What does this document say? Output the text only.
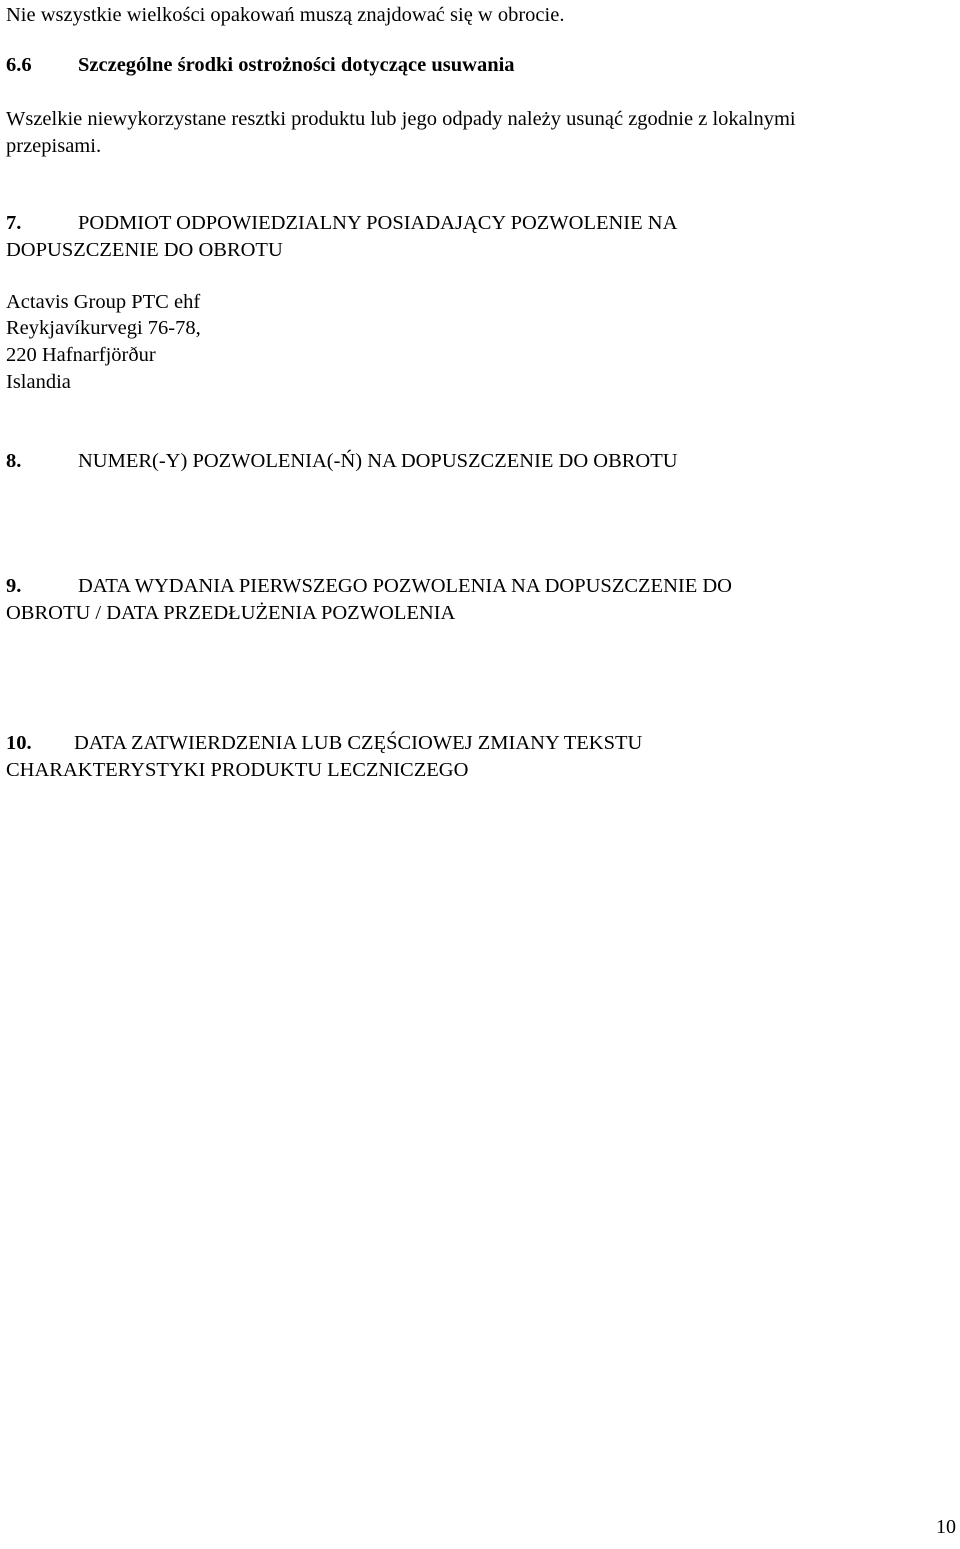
Nie wszystkie wielkości opakowań muszą znajdować się w obrocie.

6.6 Szczególne środki ostrożności dotyczące usuwania

Wszelkie niewykorzystane resztki produktu lub jego odpady należy usunąć zgodnie z lokalnymi

przepisami.

7.	PODMIOT ODPOWIEDZIALNY POSIADAJĄCY POZWOLENIE NA

DOPUSZCZENIE DO OBROTU

Actavis Group PTC ehf

Reykjavíkurvegi 76-78,

220 Hafnarfjörður

Islandia

8.	NUMER(-Y) POZWOLENIA(-Ń) NA DOPUSZCZENIE DO OBROTU

9.	DATA WYDANIA PIERWSZEGO POZWOLENIA NA DOPUSZCZENIE DO

OBROTU / DATA PRZEDŁUŻENIA POZWOLENIA

10. DATA ZATWIERDZENIA LUB CZĘŚCIOWEJ ZMIANY TEKSTU

CHARAKTERYSTYKI PRODUKTU LECZNICZEGO

10
